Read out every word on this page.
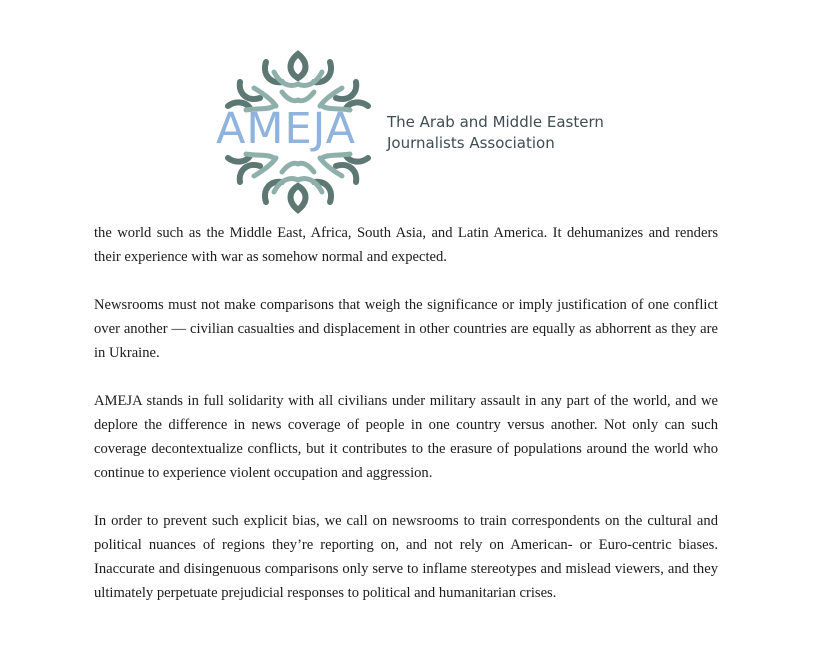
AMEJA The Arab and Middle Eastern
Journalists Association

the world such as the Middle East, Africa, South Asia, and Latin America. It dehumanizes and renders their experience with war as somehow normal and expected.

Newsrooms must not make comparisons that weigh the significance or imply justification of one conflict over another — civilian casualties and displacement in other countries are equally as abhorrent as they are in Ukraine.

AMEJA stands in full solidarity with all civilians under military assault in any part of the world, and we deplore the difference in news coverage of people in one country versus another. Not only can such coverage decontextualize conflicts, but it contributes to the erasure of populations around the world who continue to experience violent occupation and aggression.

In order to prevent such explicit bias, we call on newsrooms to train correspondents on the cultural and political nuances of regions they’re reporting on, and not rely on American- or Euro-centric biases. Inaccurate and disingenuous comparisons only serve to inflame stereotypes and mislead viewers, and they ultimately perpetuate prejudicial responses to political and humanitarian crises.
